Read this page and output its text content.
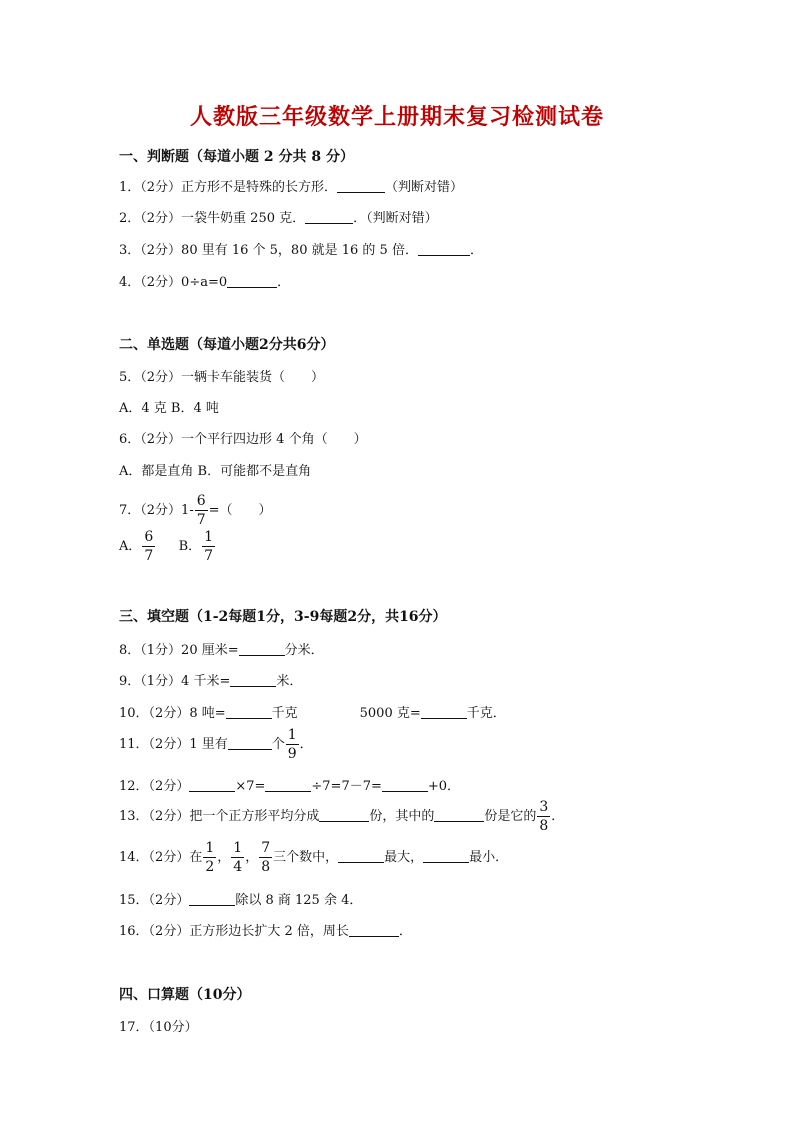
人教版三年级数学上册期末复习检测试卷
一、判断题（每道小题 2 分共 8 分）
1．（2分）正方形不是特殊的长方形．	（判断对错）
2．（2分）一袋牛奶重 250 克．	．（判断对错）
3．（2分）80 里有 16 个 5，80 就是 16 的 5 倍．	．
4．（2分）0÷a=0	．
二、单选题（每道小题2分共6分）
5．（2分）一辆卡车能装货（　　）
A．4 克 B．4 吨
6．（2分）一个平行四边形 4 个角（　　）
A．都是直角 B．可能都不是直角
7．（2分）$1- \frac{6}{7}$ =（　　）
A． $\frac{6}{7}$ B． $\frac{1}{7}$
三、填空题（1-2每题1分，3-9每题2分，共16分）
8．（1分）20 厘米=	分米．
9．（1分）4 千米=	米．
10．（2分）8 吨=	千克	5000 克=	千克．
11．（2分）1 里有	个 $\frac{1}{9}$ ．
12．（2分）	×7=	÷7=7－7=	+0．
13．（2分）把一个正方形平均分成	份，其中的	份是它的 $\frac{3}{8}$ ．
14．（2分）在 $\frac{1}{2}$ ， $\frac{1}{4}$ ， $\frac{7}{8}$ 三个数中，	最大，	最小．
15．（2分）	除以 8 商 125 余 4．
16．（2分）正方形边长扩大 2 倍，周长	．
四、口算题（10分）
17．（10分）
